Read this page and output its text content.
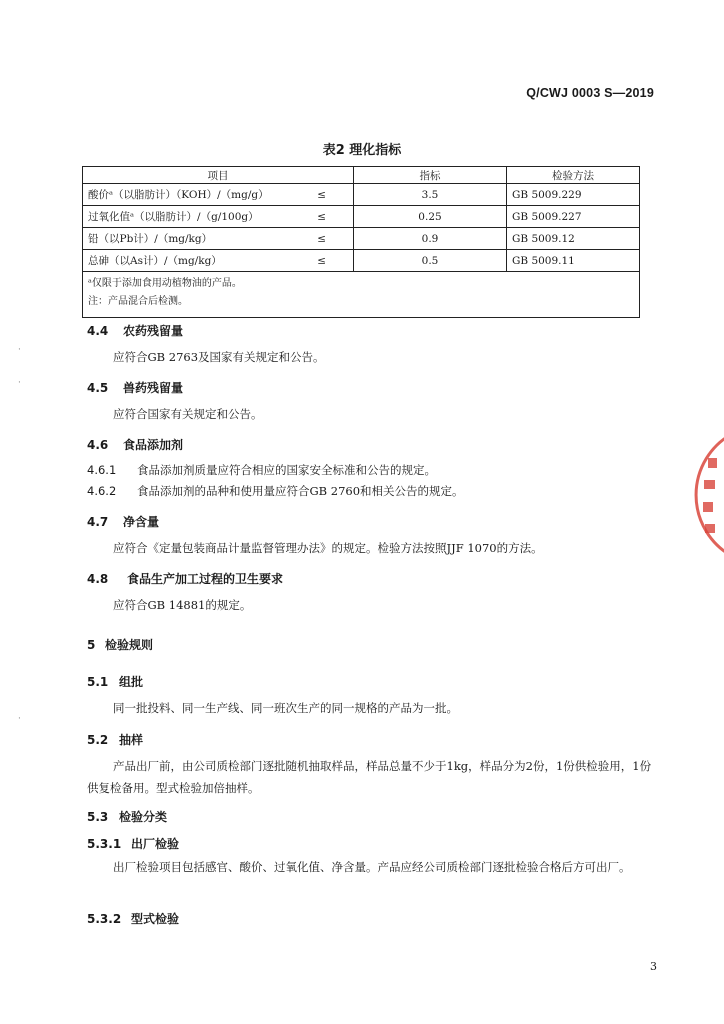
Q/CWJ 0003 S—2019
表2 理化指标
项目	指标	检验方法

酸价ᵃ（以脂肪计）（KOH）/（mg/g） ≤	3.5	GB 5009.229

过氧化值ᵃ（以脂肪计）/（g/100g） ≤	0.25	GB 5009.227

铅（以Pb计）/（mg/kg） ≤	0.9	GB 5009.12

总砷（以As计）/（mg/kg） ≤	0.5	GB 5009.11

ᵃ仅限于添加食用动植物油的产品。
注：产品混合后检测。		
4.4 农药残留量
应符合GB 2763及国家有关规定和公告。
4.5 兽药残留量
应符合国家有关规定和公告。
4.6 食品添加剂
4.6.1 食品添加剂质量应符合相应的国家安全标准和公告的规定。
4.6.2 食品添加剂的品种和使用量应符合GB 2760和相关公告的规定。
4.7 净含量
应符合《定量包装商品计量监督管理办法》的规定。检验方法按照JJF 1070的方法。
4.8 食品生产加工过程的卫生要求
应符合GB 14881的规定。
5 检验规则
5.1 组批
同一批投料、同一生产线、同一班次生产的同一规格的产品为一批。
5.2 抽样
产品出厂前，由公司质检部门逐批随机抽取样品，样品总量不少于1kg，样品分为2份，1份供检验用，1份供复检备用。型式检验加倍抽样。
5.3 检验分类
5.3.1 出厂检验
出厂检验项目包括感官、酸价、过氧化值、净含量。产品应经公司质检部门逐批检验合格后方可出厂。
5.3.2 型式检验
3
·
·
·
